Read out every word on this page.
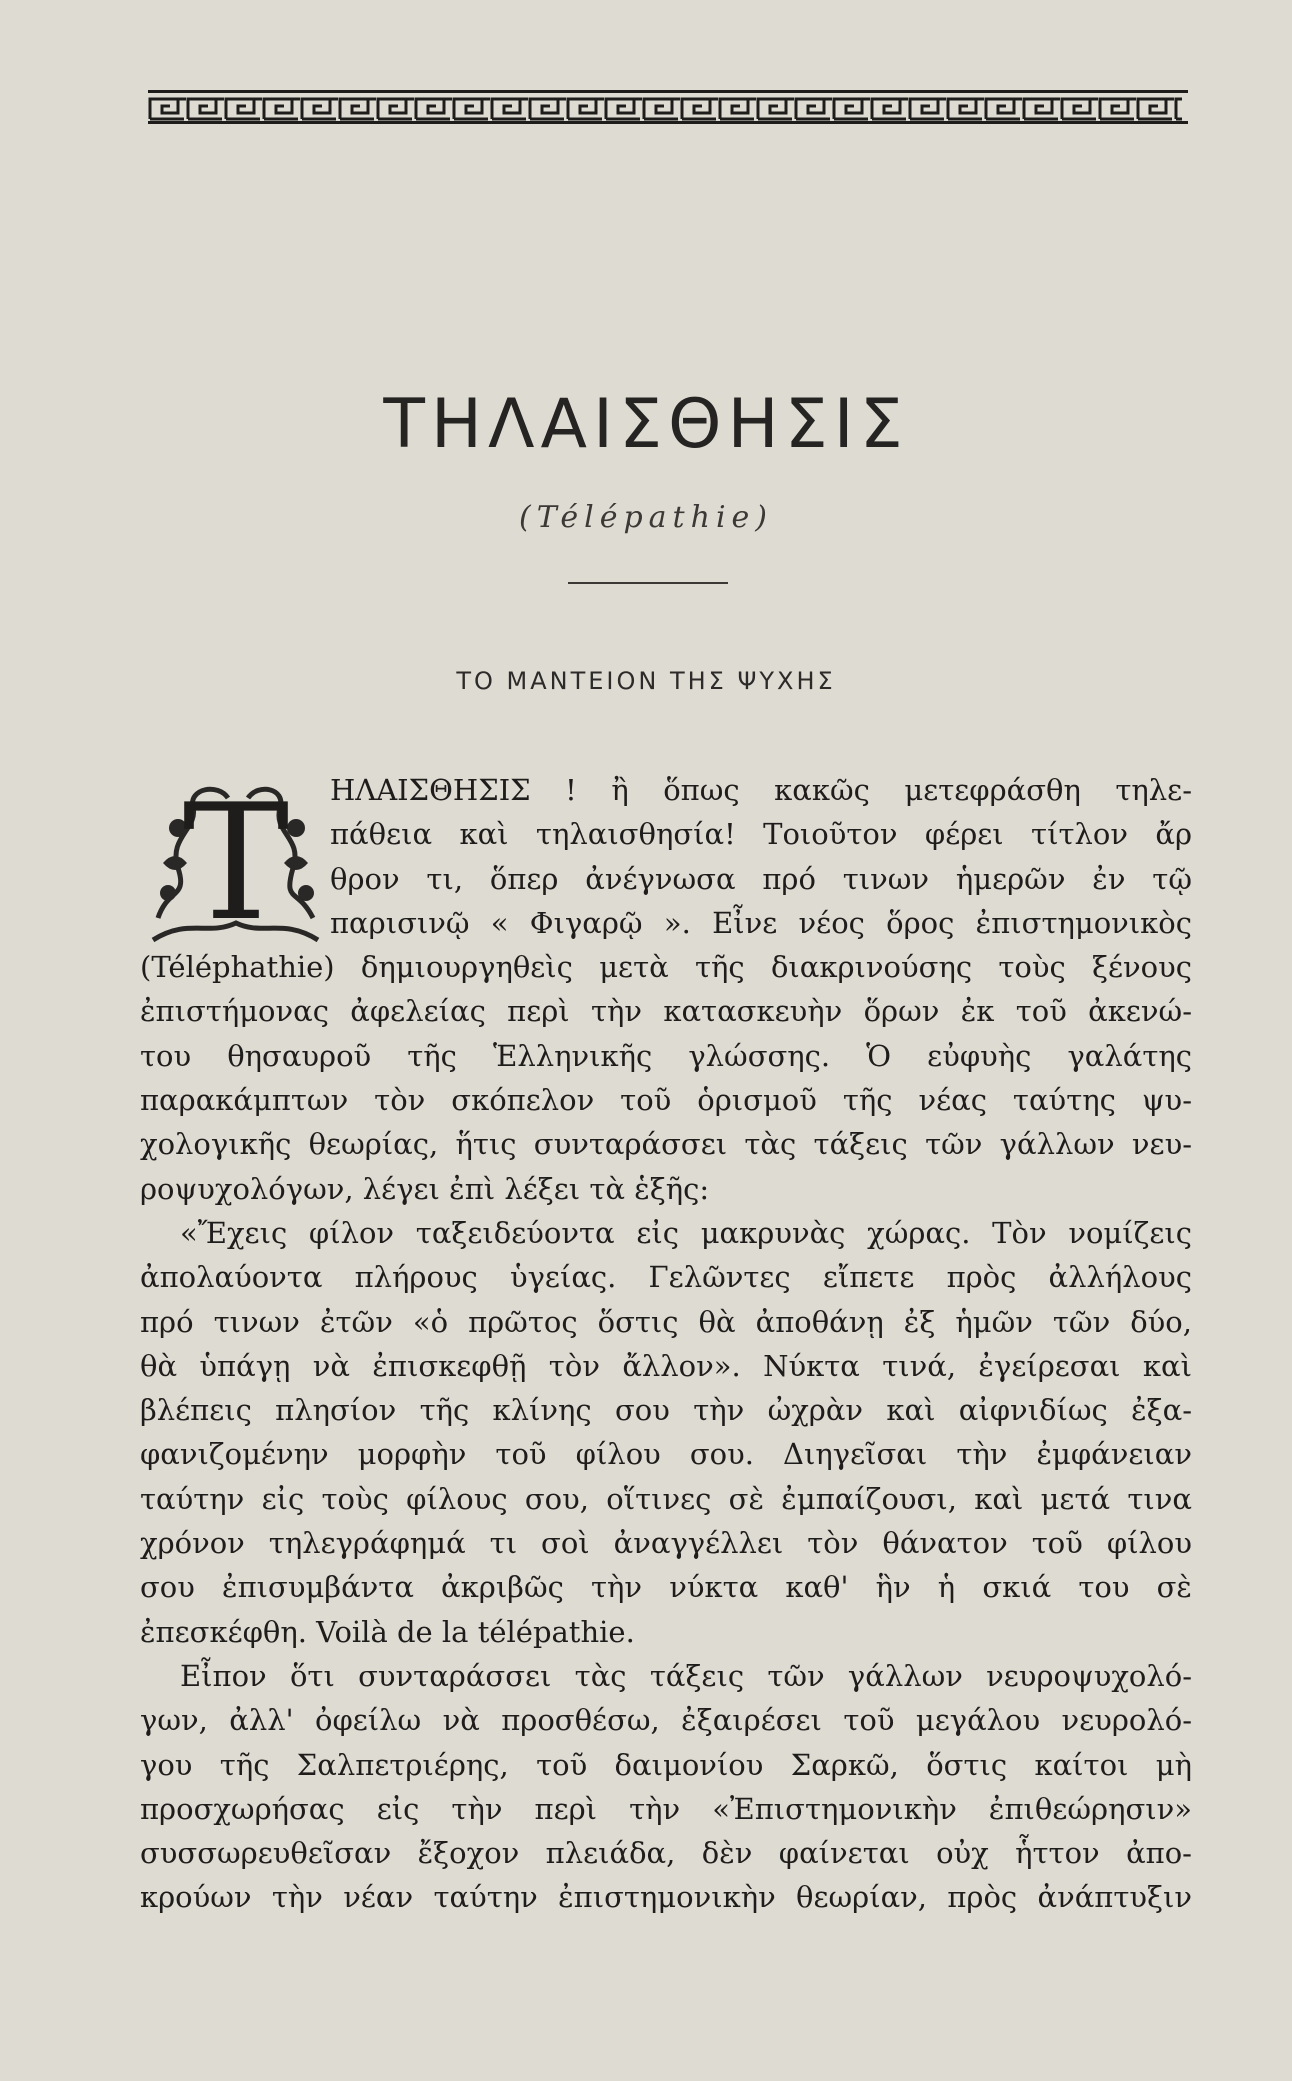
ΤΗΛΑΙΣΘΗΣΙΣ
(Télépathie)
ΤΟ ΜΑΝΤΕΙΟΝ ΤΗΣ ΨΥΧΗΣ
Τ	ΗΛΑΙΣΘΗΣΙΣ ! ἢ ὅπως κακῶς μετεφράσθη τηλε-
πάθεια καὶ τηλαισθησία! Τοιοῦτον φέρει τίτλον ἄρ
θρον τι, ὅπερ ἀνέγνωσα πρό τινων ἡμερῶν ἐν τῷ
παρισινῷ « Φιγαρῷ ». Εἶνε νέος ὅρος ἐπιστημονικὸς
(Téléphathie) δημιουργηθεὶς μετὰ τῆς διακρινούσης τοὺς ξένους
ἐπιστήμονας ἀφελείας περὶ τὴν κατασκευὴν ὅρων ἐκ τοῦ ἀκενώ-
του θησαυροῦ τῆς Ἑλληνικῆς γλώσσης. Ὁ εὐφυὴς γαλάτης
παρακάμπτων τὸν σκόπελον τοῦ ὁρισμοῦ τῆς νέας ταύτης ψυ-
χολογικῆς θεωρίας, ἥτις συνταράσσει τὰς τάξεις τῶν γάλλων νευ-
ροψυχολόγων, λέγει ἐπὶ λέξει τὰ ἑξῆς:
«Ἔχεις φίλον ταξειδεύοντα εἰς μακρυνὰς χώρας. Τὸν νομίζεις
ἀπολαύοντα πλήρους ὑγείας. Γελῶντες εἴπετε πρὸς ἀλλήλους
πρό τινων ἐτῶν «ὁ πρῶτος ὅστις θὰ ἀποθάνῃ ἐξ ἡμῶν τῶν δύο,
θὰ ὑπάγῃ νὰ ἐπισκεφθῇ τὸν ἄλλον». Νύκτα τινά, ἐγείρεσαι καὶ
βλέπεις πλησίον τῆς κλίνης σου τὴν ὠχρὰν καὶ αἰφνιδίως ἐξα-
φανιζομένην μορφὴν τοῦ φίλου σου. Διηγεῖσαι τὴν ἐμφάνειαν
ταύτην εἰς τοὺς φίλους σου, οἵτινες σὲ ἐμπαίζουσι, καὶ μετά τινα
χρόνον τηλεγράφημά τι σοὶ ἀναγγέλλει τὸν θάνατον τοῦ φίλου
σου ἐπισυμβάντα ἀκριβῶς τὴν νύκτα καθ' ἣν ἡ σκιά του σὲ
ἐπεσκέφθη. Voilà de la télépathie.
Εἶπον ὅτι συνταράσσει τὰς τάξεις τῶν γάλλων νευροψυχολό-
γων, ἀλλ' ὀφείλω νὰ προσθέσω, ἐξαιρέσει τοῦ μεγάλου νευρολό-
γου τῆς Σαλπετριέρης, τοῦ δαιμονίου Σαρκῶ, ὅστις καίτοι μὴ
προσχωρήσας εἰς τὴν περὶ τὴν «Ἐπιστημονικὴν ἐπιθεώρησιν»
συσσωρευθεῖσαν ἔξοχον πλειάδα, δὲν φαίνεται οὐχ ἧττον ἀπο-
κρούων τὴν νέαν ταύτην ἐπιστημονικὴν θεωρίαν, πρὸς ἀνάπτυξιν
